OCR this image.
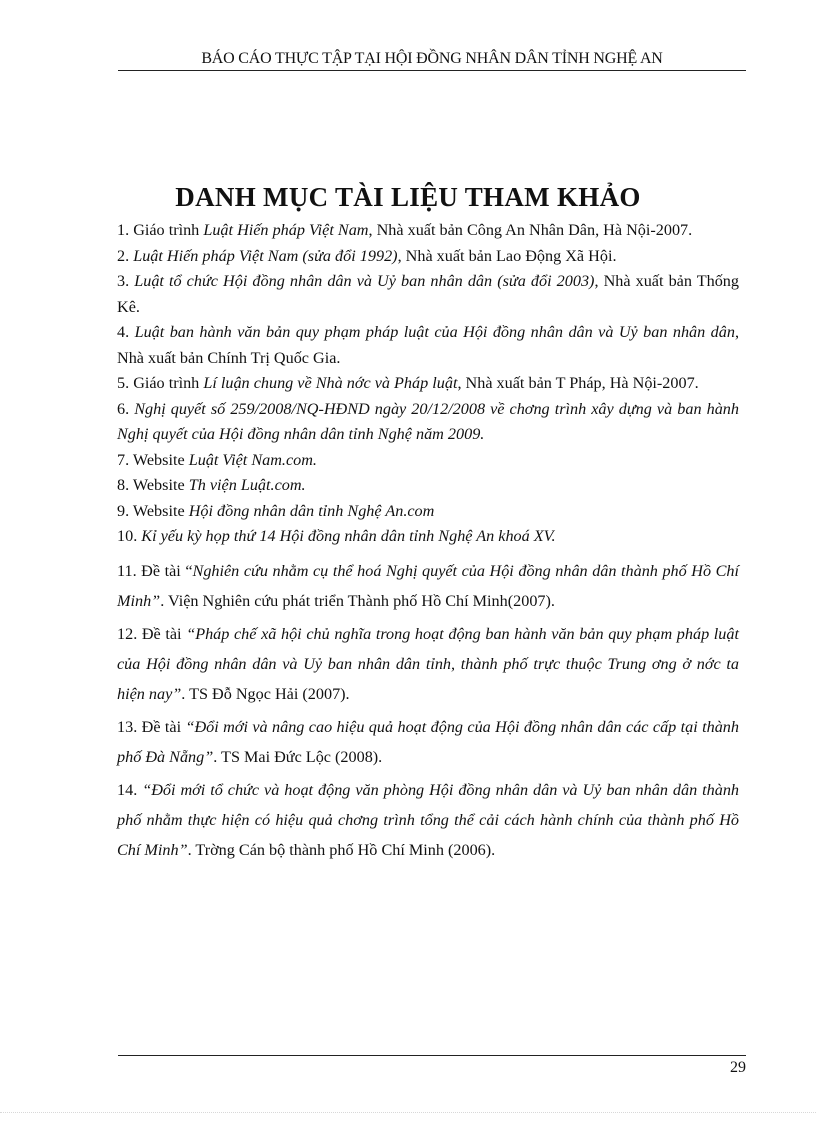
BÁO CÁO THỰC TẬP TẠI HỘI ĐỒNG NHÂN DÂN TỈNH NGHỆ AN
DANH MỤC TÀI LIỆU THAM KHẢO
1. Giáo trình Luật Hiến pháp Việt Nam, Nhà xuất bản Công An Nhân Dân, Hà Nội-2007.
2. Luật Hiến pháp Việt Nam (sửa đổi 1992), Nhà xuất bản Lao Động Xã Hội.
3. Luật tổ chức Hội đồng nhân dân và Uỷ ban nhân dân (sửa đổi 2003), Nhà xuất bản Thống Kê.
4. Luật ban hành văn bản quy phạm pháp luật của Hội đồng nhân dân và Uỷ ban nhân dân, Nhà xuất bản Chính Trị Quốc Gia.
5. Giáo trình Lí luận chung về Nhà nớc và Pháp luật, Nhà xuất bản T Pháp, Hà Nội-2007.
6. Nghị quyết số 259/2008/NQ-HĐND ngày 20/12/2008 về chơng trình xây dựng và ban hành Nghị quyết của Hội đồng nhân dân tỉnh Nghệ năm 2009.
7. Website Luật Việt Nam.com.
8. Website Th viện Luật.com.
9. Website Hội đồng nhân dân tỉnh Nghệ An.com
10. Kỉ yếu kỳ họp thứ 14 Hội đồng nhân dân tỉnh Nghệ An khoá XV.
11. Đề tài “Nghiên cứu nhằm cụ thể hoá Nghị quyết của Hội đồng nhân dân thành phố Hồ Chí Minh”. Viện Nghiên cứu phát triển Thành phố Hồ Chí Minh(2007).
12. Đề tài “Pháp chế xã hội chủ nghĩa trong hoạt động ban hành văn bản quy phạm pháp luật của Hội đồng nhân dân và Uỷ ban nhân dân tỉnh, thành phố trực thuộc Trung ơng ở nớc ta hiện nay”. TS Đỗ Ngọc Hải (2007).
13. Đề tài “Đổi mới và nâng cao hiệu quả hoạt động của Hội đồng nhân dân các cấp tại thành phố Đà Nẵng”. TS Mai Đức Lộc (2008).
14. “Đổi mới tổ chức và hoạt động văn phòng Hội đồng nhân dân và Uỷ ban nhân dân thành phố nhằm thực hiện có hiệu quả chơng trình tổng thể cải cách hành chính của thành phố Hồ Chí Minh”. Trờng Cán bộ thành phố Hồ Chí Minh (2006).
29
